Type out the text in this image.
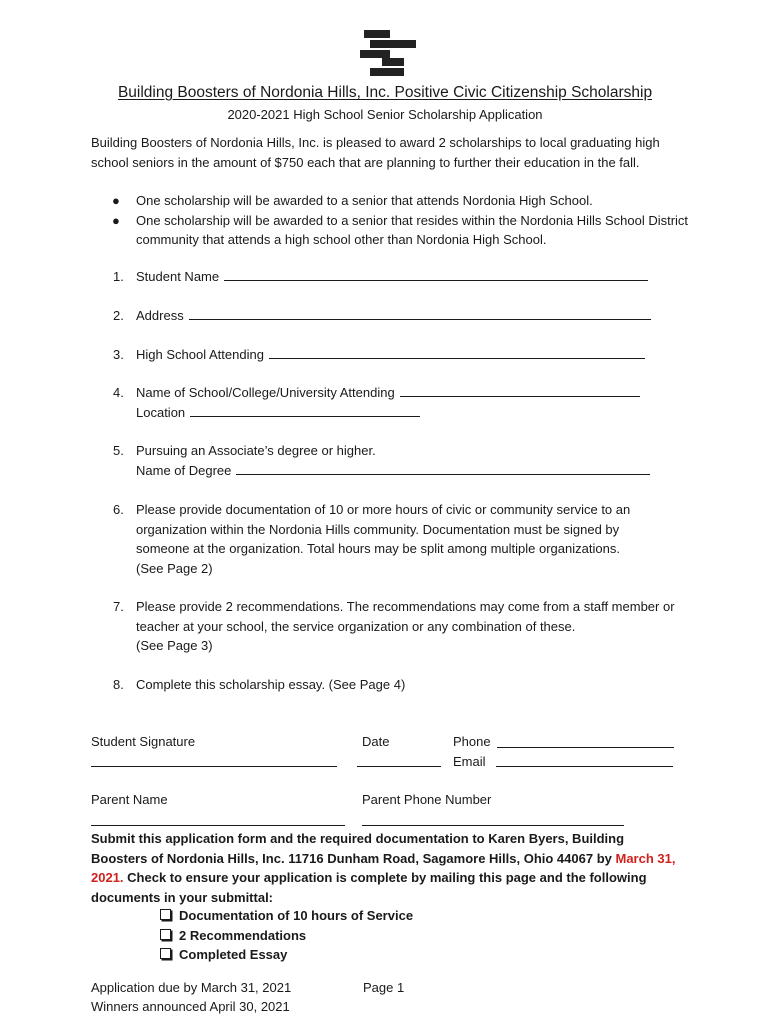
Building Boosters of Nordonia Hills, Inc. Positive Civic Citizenship Scholarship
2020-2021 High School Senior Scholarship Application
Building Boosters of Nordonia Hills, Inc. is pleased to award 2 scholarships to local graduating high school seniors in the amount of $750 each that are planning to further their education in the fall.
● One scholarship will be awarded to a senior that attends Nordonia High School.
● One scholarship will be awarded to a senior that resides within the Nordonia Hills School District community that attends a high school other than Nordonia High School.
1. Student Name
2. Address
3. High School Attending
4. Name of School/College/University Attending
Location
5. Pursuing an Associate’s degree or higher.
Name of Degree
6. Please provide documentation of 10 or more hours of civic or community service to an organization within the Nordonia Hills community. Documentation must be signed by someone at the organization. Total hours may be split among multiple organizations.
(See Page 2)
7. Please provide 2 recommendations. The recommendations may come from a staff member or teacher at your school, the service organization or any combination of these.
(See Page 3)
8. Complete this scholarship essay. (See Page 4)
Student Signature	Date	Phone
Email
Parent Name	Parent Phone Number
Submit this application form and the required documentation to Karen Byers, Building Boosters of Nordonia Hills, Inc. 11716 Dunham Road, Sagamore Hills, Ohio 44067 by March 31, 2021. Check to ensure your application is complete by mailing this page and the following documents in your submittal:
Documentation of 10 hours of Service
2 Recommendations
Completed Essay
Application due by March 31, 2021
Winners announced April 30, 2021
Page 1
